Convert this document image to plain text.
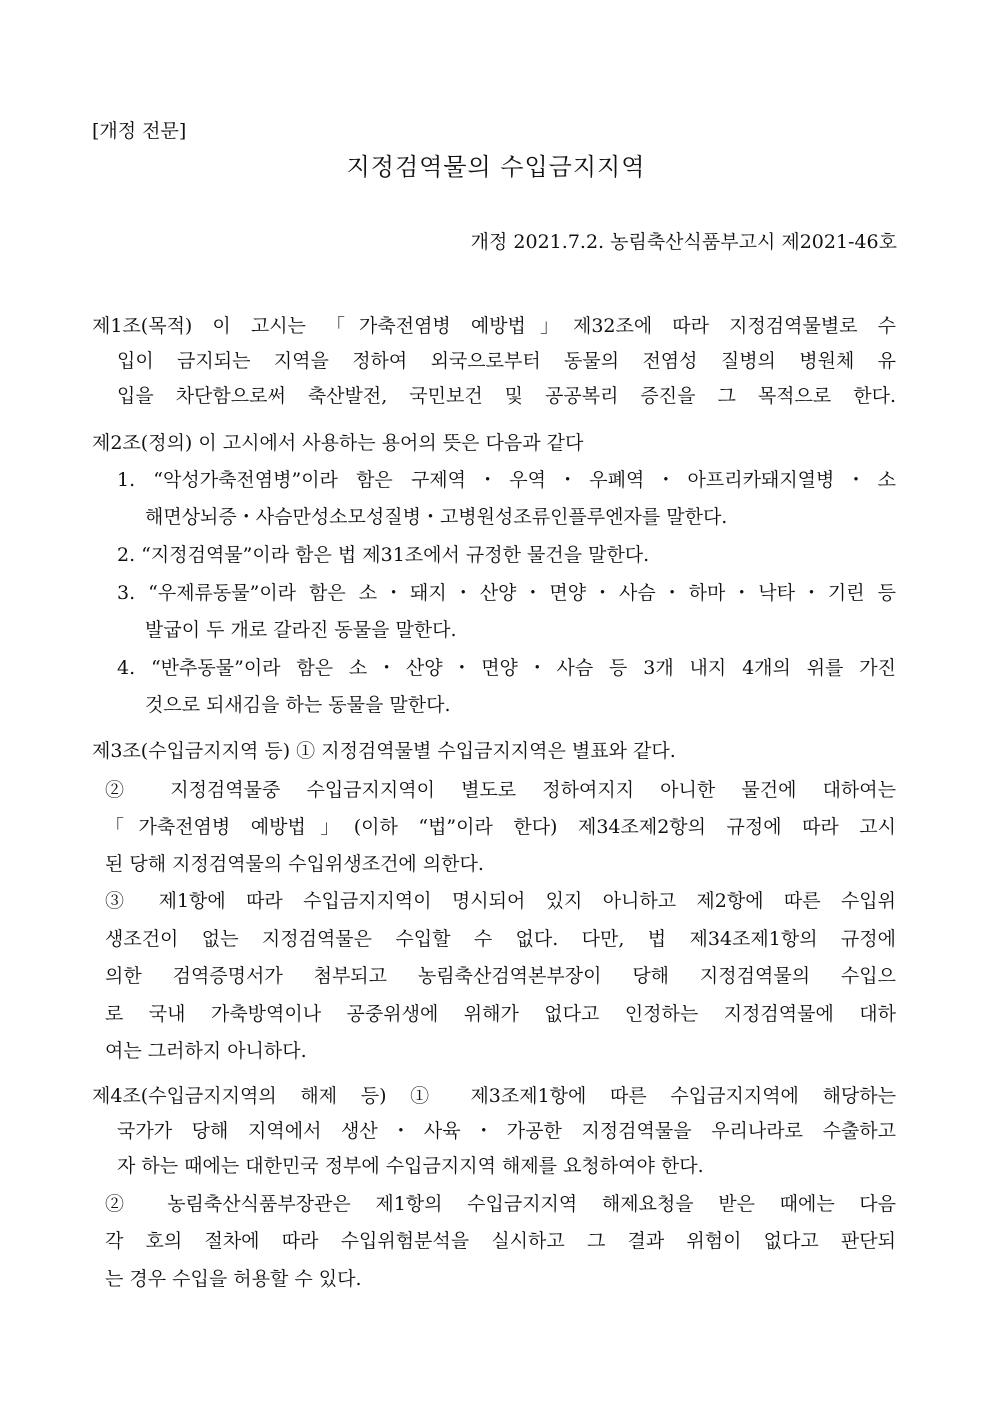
[개정 전문]
지정검역물의 수입금지지역
개정 2021.7.2. 농림축산식품부고시 제2021-46호
제1조(목적) 이 고시는 「가축전염병 예방법」제32조에 따라 지정검역물별로 수
입이 금지되는 지역을 정하여 외국으로부터 동물의 전염성 질병의 병원체 유
입을 차단함으로써 축산발전, 국민보건 및 공공복리 증진을 그 목적으로 한다.
제2조(정의) 이 고시에서 사용하는 용어의 뜻은 다음과 같다
1. “악성가축전염병”이라 함은 구제역・우역・우폐역・아프리카돼지열병・소
해면상뇌증・사슴만성소모성질병・고병원성조류인플루엔자를 말한다.
2. “지정검역물”이라 함은 법 제31조에서 규정한 물건을 말한다.
3. “우제류동물”이라 함은 소・돼지・산양・면양・사슴・하마・낙타・기린 등
발굽이 두 개로 갈라진 동물을 말한다.
4. “반추동물”이라 함은 소・산양・면양・사슴 등 3개 내지 4개의 위를 가진
것으로 되새김을 하는 동물을 말한다.
제3조(수입금지지역 등) ① 지정검역물별 수입금지지역은 별표와 같다.
② 지정검역물중 수입금지지역이 별도로 정하여지지 아니한 물건에 대하여는
「가축전염병 예방법」(이하 “법”이라 한다) 제34조제2항의 규정에 따라 고시
된 당해 지정검역물의 수입위생조건에 의한다.
③ 제1항에 따라 수입금지지역이 명시되어 있지 아니하고 제2항에 따른 수입위
생조건이 없는 지정검역물은 수입할 수 없다. 다만, 법 제34조제1항의 규정에
의한 검역증명서가 첨부되고 농림축산검역본부장이 당해 지정검역물의 수입으
로 국내 가축방역이나 공중위생에 위해가 없다고 인정하는 지정검역물에 대하
여는 그러하지 아니하다.
제4조(수입금지지역의 해제 등) ① 제3조제1항에 따른 수입금지지역에 해당하는
국가가 당해 지역에서 생산・사육・가공한 지정검역물을 우리나라로 수출하고
자 하는 때에는 대한민국 정부에 수입금지지역 해제를 요청하여야 한다.
② 농림축산식품부장관은 제1항의 수입금지지역 해제요청을 받은 때에는 다음
각 호의 절차에 따라 수입위험분석을 실시하고 그 결과 위험이 없다고 판단되
는 경우 수입을 허용할 수 있다.
